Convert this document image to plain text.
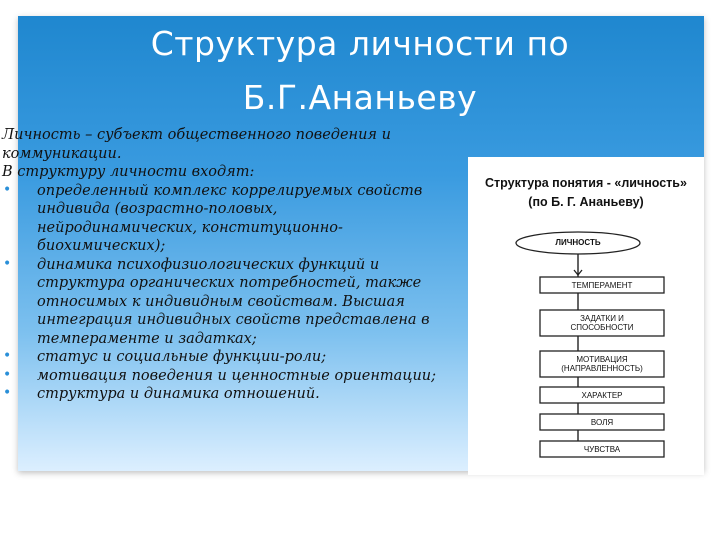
Структура личности по
Б.Г.Ананьеву

Личность – субъект общественного поведения и

коммуникации.

В структуру личности входят:

• определенный комплекс коррелируемых свойств
индивида (возрастно-половых,
нейродинамических, конституционно-
биохимических);
• динамика психофизиологических функций и
структура органических потребностей, также
относимых к индивидным свойствам. Высшая
интеграция индивидных свойств представлена в
темпераменте и задатках;
• статус и социальные функции-роли;
• мотивация поведения и ценностные ориентации;
• структура и динамика отношений.
Структура понятия - «личность»
(по Б. Г. Ананьеву)
ЛИЧНОСТЬ
ТЕМПЕРАМЕНТ
ЗАДАТКИ И
СПОСОБНОСТИ
МОТИВАЦИЯ
(НАПРАВЛЕННОСТЬ)
ХАРАКТЕР
ВОЛЯ
ЧУВСТВА
